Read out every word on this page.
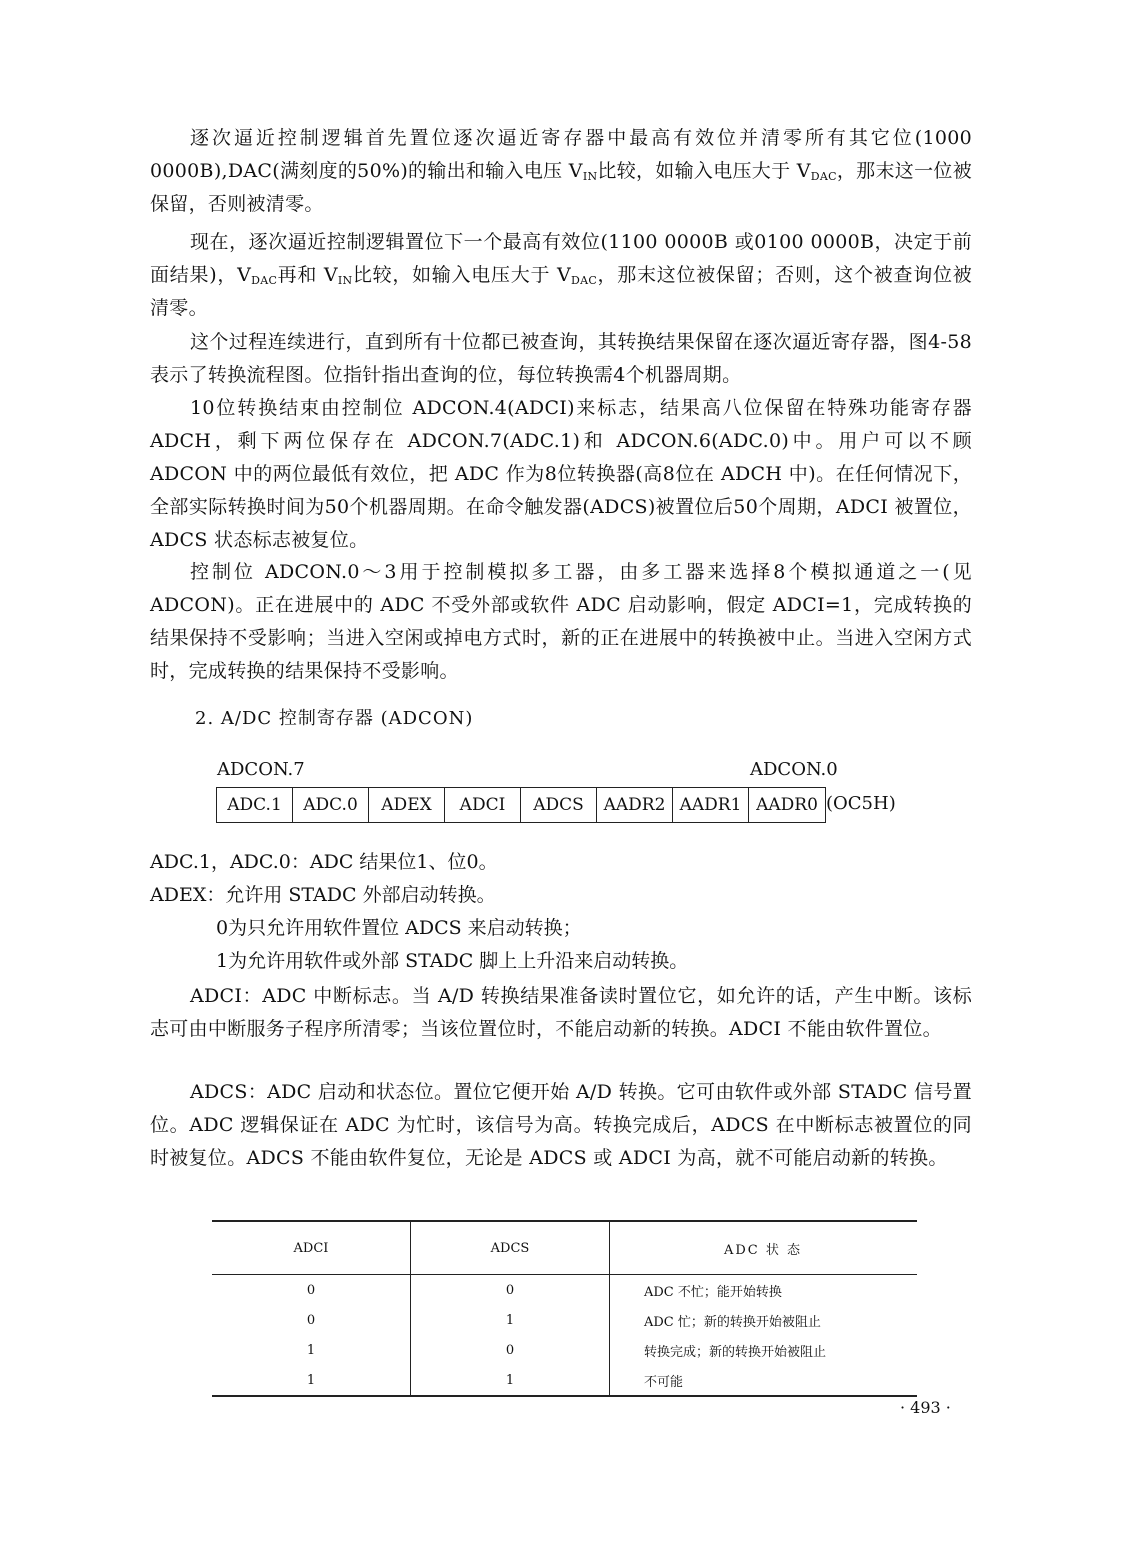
逐次逼近控制逻辑首先置位逐次逼近寄存器中最高有效位并清零所有其它位(1000 0000B),DAC(满刻度的50%)的输出和输入电压 $V_{IN}$比较，如输入电压大于 $V_{DAC}$，那末这一位被保留，否则被清零。

现在，逐次逼近控制逻辑置位下一个最高有效位(1100 0000B 或0100 0000B，决定于前面结果)，$V_{DAC}$再和 $V_{IN}$比较，如输入电压大于 $V_{DAC}$，那末这位被保留；否则，这个被查询位被清零。

这个过程连续进行，直到所有十位都已被查询，其转换结果保留在逐次逼近寄存器，图4-58表示了转换流程图。位指针指出查询的位，每位转换需4个机器周期。

10位转换结束由控制位 ADCON.4(ADCI)来标志，结果高八位保留在特殊功能寄存器 ADCH，剩下两位保存在 ADCON.7(ADC.1)和 ADCON.6(ADC.0)中。用户可以不顾 ADCON 中的两位最低有效位，把 ADC 作为8位转换器(高8位在 ADCH 中)。在任何情况下，全部实际转换时间为50个机器周期。在命令触发器(ADCS)被置位后50个周期，ADCI 被置位，ADCS 状态标志被复位。

控制位 ADCON.0～3用于控制模拟多工器，由多工器来选择8个模拟通道之一(见 ADCON)。正在进展中的 ADC 不受外部或软件 ADC 启动影响，假定 ADCI=1，完成转换的结果保持不受影响；当进入空闲或掉电方式时，新的正在进展中的转换被中止。当进入空闲方式时，完成转换的结果保持不受影响。

2. A/DC 控制寄存器 (ADCON)
ADCON.7	ADCON.0
ADC.1	ADC.0	ADEX	ADCI	ADCS	AADR2 AADR1 AADR0 (OC5H)

ADC.1，ADC.0：ADC 结果位1、位0。

ADEX：允许用 STADC 外部启动转换。

0为只允许用软件置位 ADCS 来启动转换；

1为允许用软件或外部 STADC 脚上上升沿来启动转换。

ADCI：ADC 中断标志。当 A/D 转换结果准备读时置位它，如允许的话，产生中断。该标志可由中断服务子程序所清零；当该位置位时，不能启动新的转换。ADCI 不能由软件置位。

ADCS：ADC 启动和状态位。置位它便开始 A/D 转换。它可由软件或外部 STADC 信号置位。ADC 逻辑保证在 ADC 为忙时，该信号为高。转换完成后，ADCS 在中断标志被置位的同时被复位。ADCS 不能由软件复位，无论是 ADCS 或 ADCI 为高，就不可能启动新的转换。

ADCI	ADCS	ADC 状 态
0	0	ADC 不忙；能开始转换
0	1	ADC 忙；新的转换开始被阻止
1	0	转换完成；新的转换开始被阻止
1	1	不可能
· 493 ·
